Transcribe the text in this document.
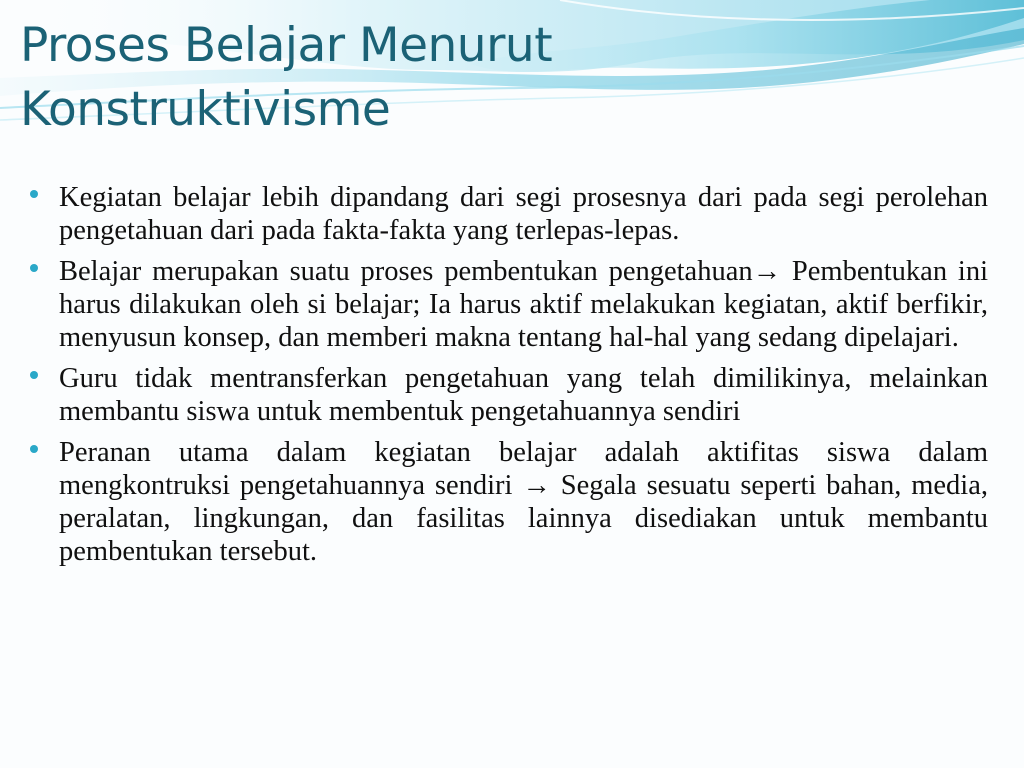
Proses Belajar Menurut Konstruktivisme
Kegiatan belajar lebih dipandang dari segi prosesnya dari pada segi perolehan pengetahuan dari pada fakta-fakta yang terlepas-lepas.
Belajar merupakan suatu proses pembentukan pengetahuan→ Pembentukan ini harus dilakukan oleh si belajar; Ia harus aktif melakukan kegiatan, aktif berfikir, menyusun konsep, dan memberi makna tentang hal-hal yang sedang dipelajari.
Guru tidak mentransferkan pengetahuan yang telah dimilikinya, melainkan membantu siswa untuk membentuk pengetahuannya sendiri
Peranan utama dalam kegiatan belajar adalah aktifitas siswa dalam mengkontruksi pengetahuannya sendiri → Segala sesuatu seperti bahan, media, peralatan, lingkungan, dan fasilitas lainnya disediakan untuk membantu pembentukan tersebut.
